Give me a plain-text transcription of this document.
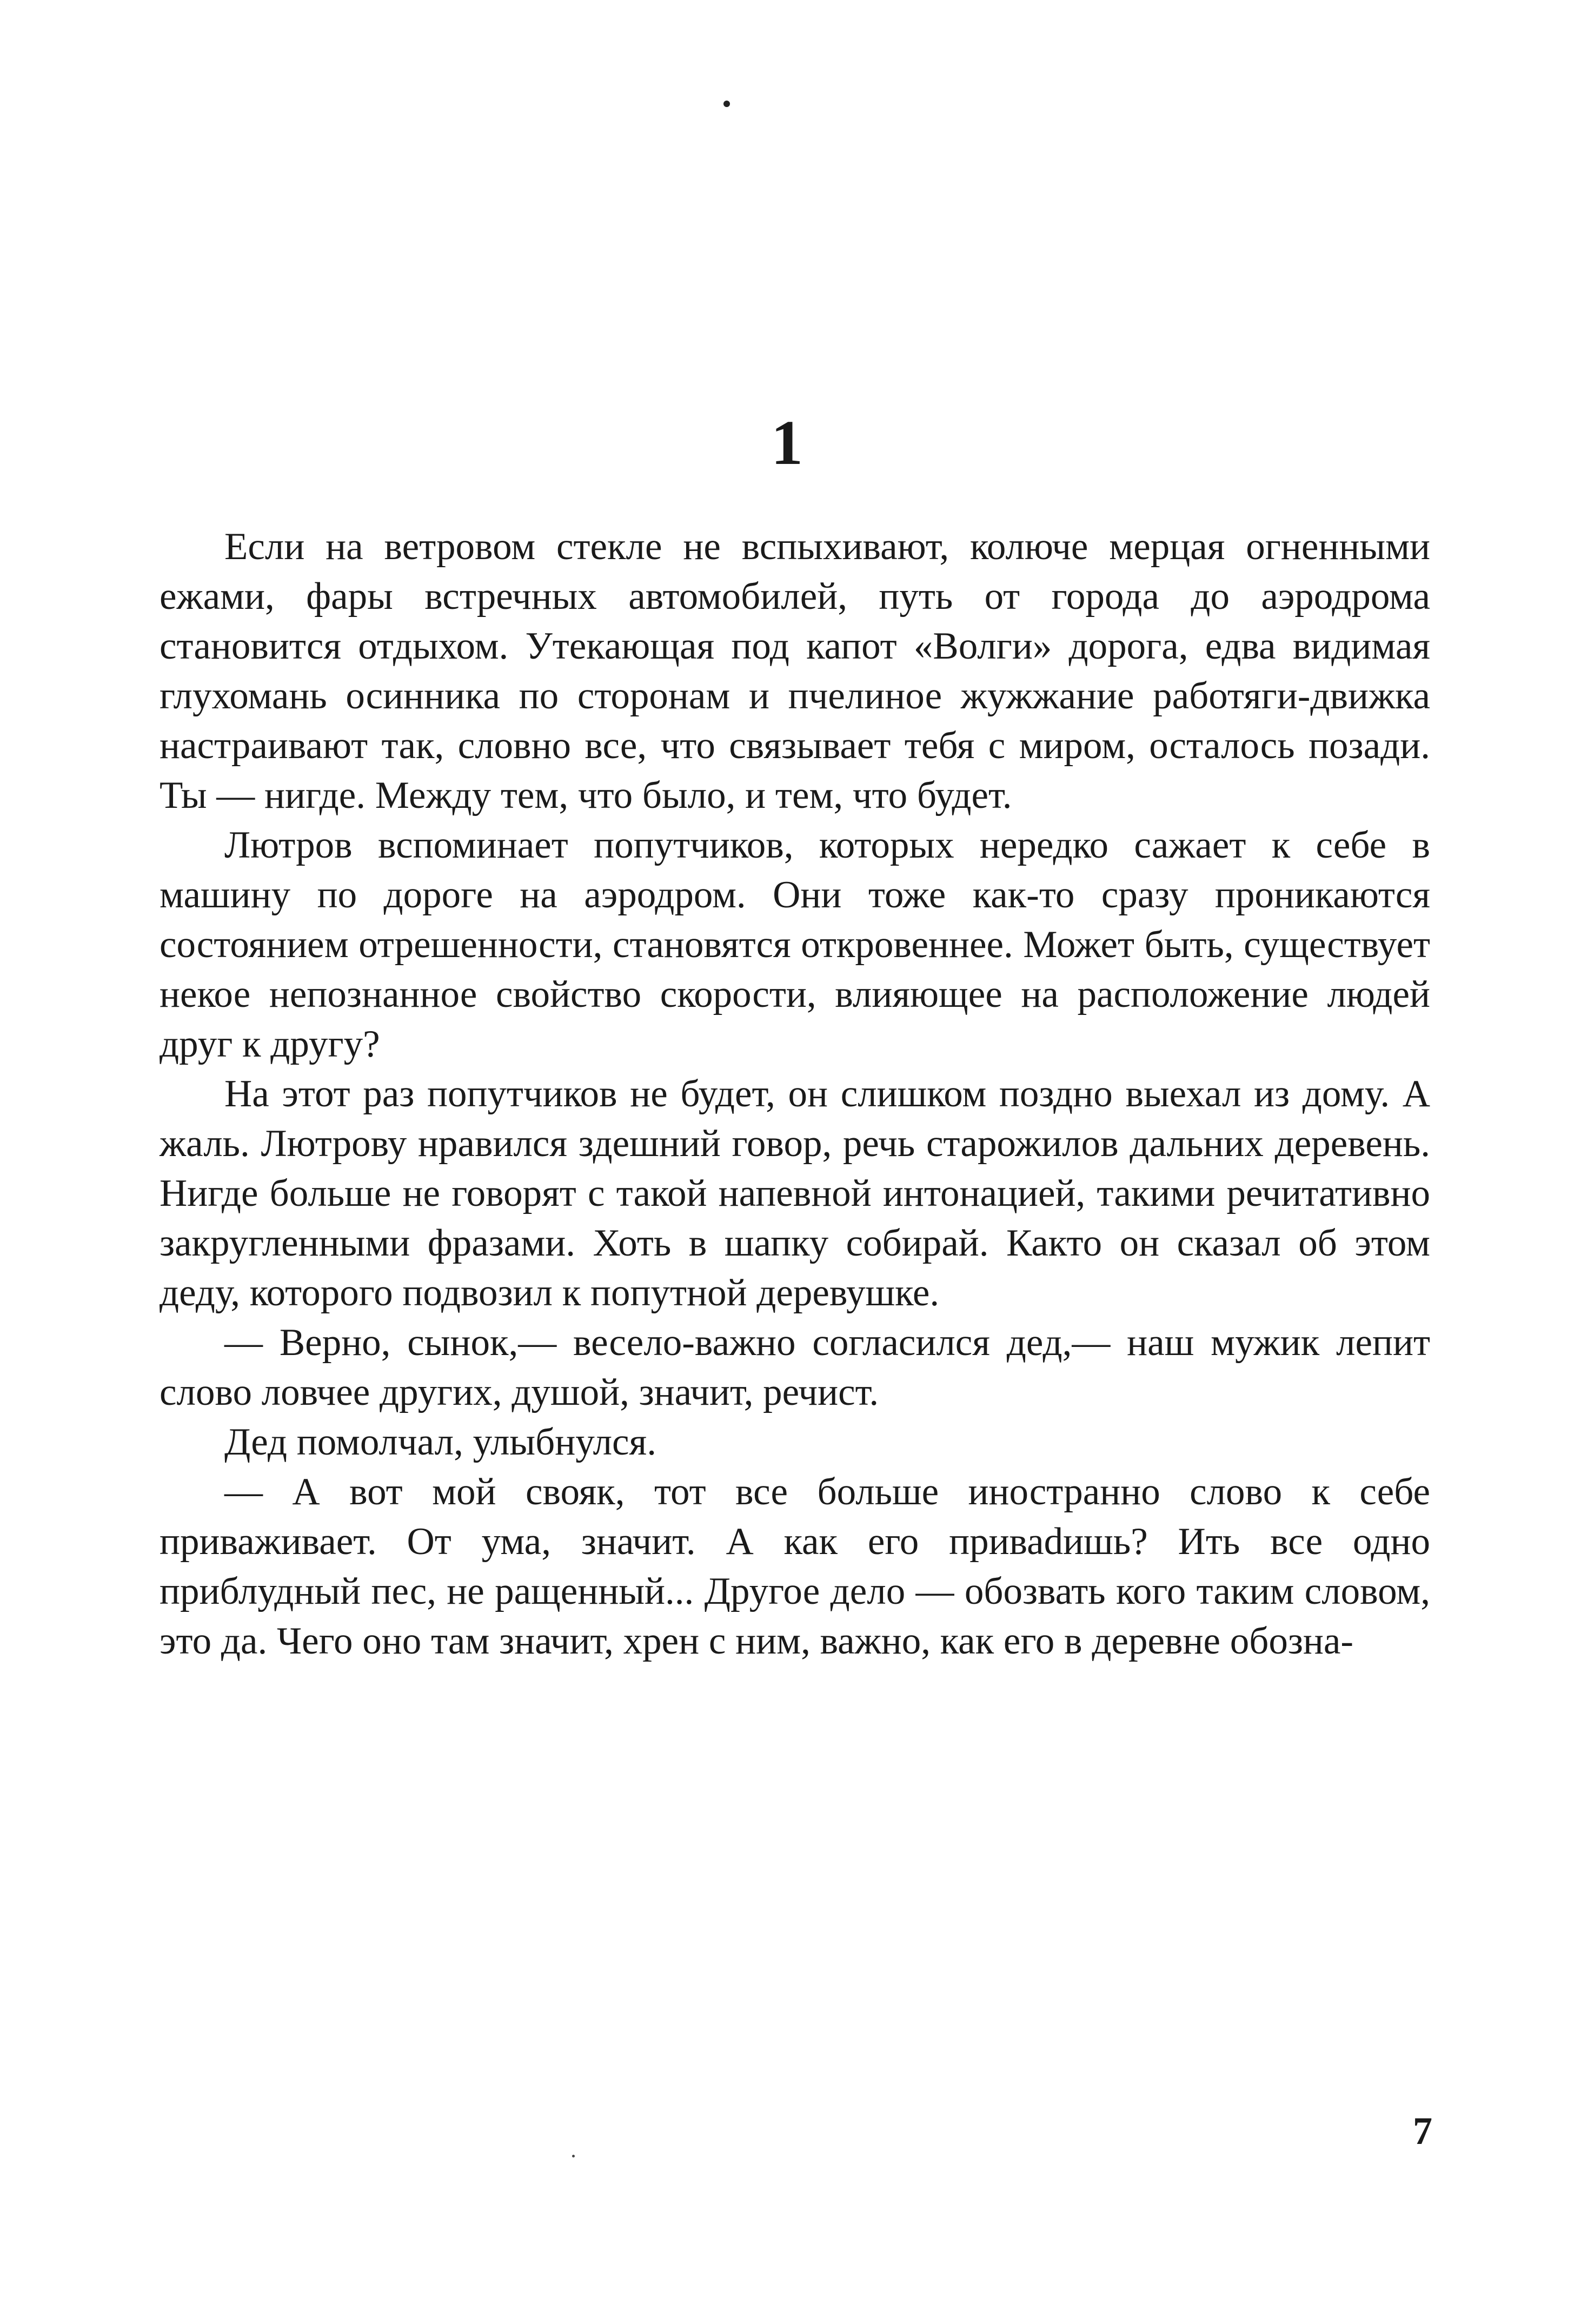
1

Если на ветровом стекле не вспыхивают, колюче мерцая огненными ежами, фары встречных автомобилей, путь от города до аэродрома становится отдыхом. Утекающая под капот «Волги» дорога, едва видимая глухомань осинника по сторонам и пчелиное жужжание работяги-движка настраивают так, словно все, что связывает тебя с миром, осталось позади. Ты — нигде. Между тем, что было, и тем, что будет.

Лютров вспоминает попутчиков, которых нередко сажает к себе в машину по дороге на аэродром. Они тоже как-то сразу проникаются состоянием отрешенности, становятся откровеннее. Может быть, существует некое непознанное свойство скорости, влияющее на расположение людей друг к другу?

На этот раз попутчиков не будет, он слишком поздно выехал из дому. А жаль. Лютрову нравился здешний говор, речь старожилов дальних деревень. Нигде больше не говорят с такой напевной интонацией, такими речитативно закругленными фразами. Хоть в шапку собирай. Както он сказал об этом деду, которого подвозил к попутной деревушке.

— Верно, сынок,— весело-важно согласился дед,— наш мужик лепит слово ловчее других, душой, значит, речист.

Дед помолчал, улыбнулся.

— А вот мой свояк, тот все больше иностранно слово к себе приваживает. От ума, значит. А как его приваdишь? Ить все одно приблудный пес, не ращенный... Другое дело — обозвать кого таким словом, это да. Чего оно там значит, хрен с ним, важно, как его в деревне обозна-

7
